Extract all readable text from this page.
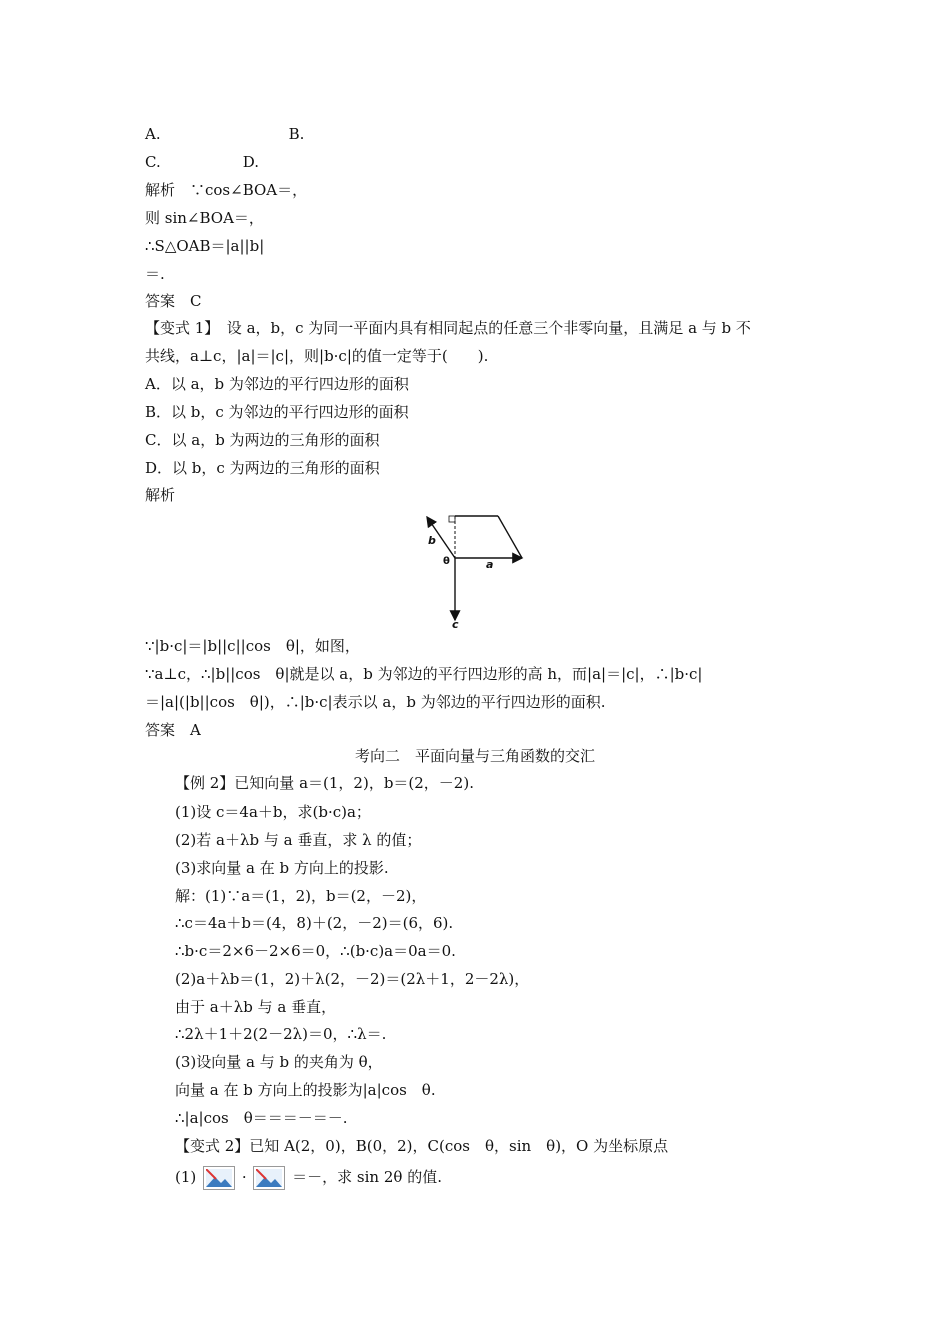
A.	B.
C.	D.
解析　∵cos∠BOA＝，
则 sin∠BOA＝，
∴S△OAB＝|a||b|
＝.
答案　C
【变式 1】　设 a，b，c 为同一平面内具有相同起点的任意三个非零向量，且满足 a 与 b 不
共线，a⊥c，|a|＝|c|，则|b·c|的值一定等于(　　).
A．以 a，b 为邻边的平行四边形的面积
B．以 b，c 为邻边的平行四边形的面积
C．以 a，b 为两边的三角形的面积
D．以 b，c 为两边的三角形的面积
解析
b
θ	a
c
∵|b·c|＝|b||c||cos　θ|，如图，
∵a⊥c，∴|b||cos　θ|就是以 a，b 为邻边的平行四边形的高 h，而|a|＝|c|，∴|b·c|
＝|a|(|b||cos　θ|)，∴|b·c|表示以 a，b 为邻边的平行四边形的面积.
答案　A
考向二　平面向量与三角函数的交汇
【例 2】已知向量 a＝(1，2)，b＝(2，－2).
(1)设 c＝4a＋b，求(b·c)a；
(2)若 a＋λb 与 a 垂直，求 λ 的值；
(3)求向量 a 在 b 方向上的投影.
解：(1)∵a＝(1，2)，b＝(2，－2)，
∴c＝4a＋b＝(4，8)＋(2，－2)＝(6，6).
∴b·c＝2×6－2×6＝0，∴(b·c)a＝0a＝0.
(2)a＋λb＝(1，2)＋λ(2，－2)＝(2λ＋1，2－2λ)，
由于 a＋λb 与 a 垂直，
∴2λ＋1＋2(2－2λ)＝0，∴λ＝.
(3)设向量 a 与 b 的夹角为 θ，
向量 a 在 b 方向上的投影为|a|cos　θ.
∴|a|cos　θ＝＝＝－＝－.
【变式 2】已知 A(2，0)，B(0，2)，C(cos　θ，sin　θ)，O 为坐标原点
(1)	·	＝－，求 sin 2θ 的值.
